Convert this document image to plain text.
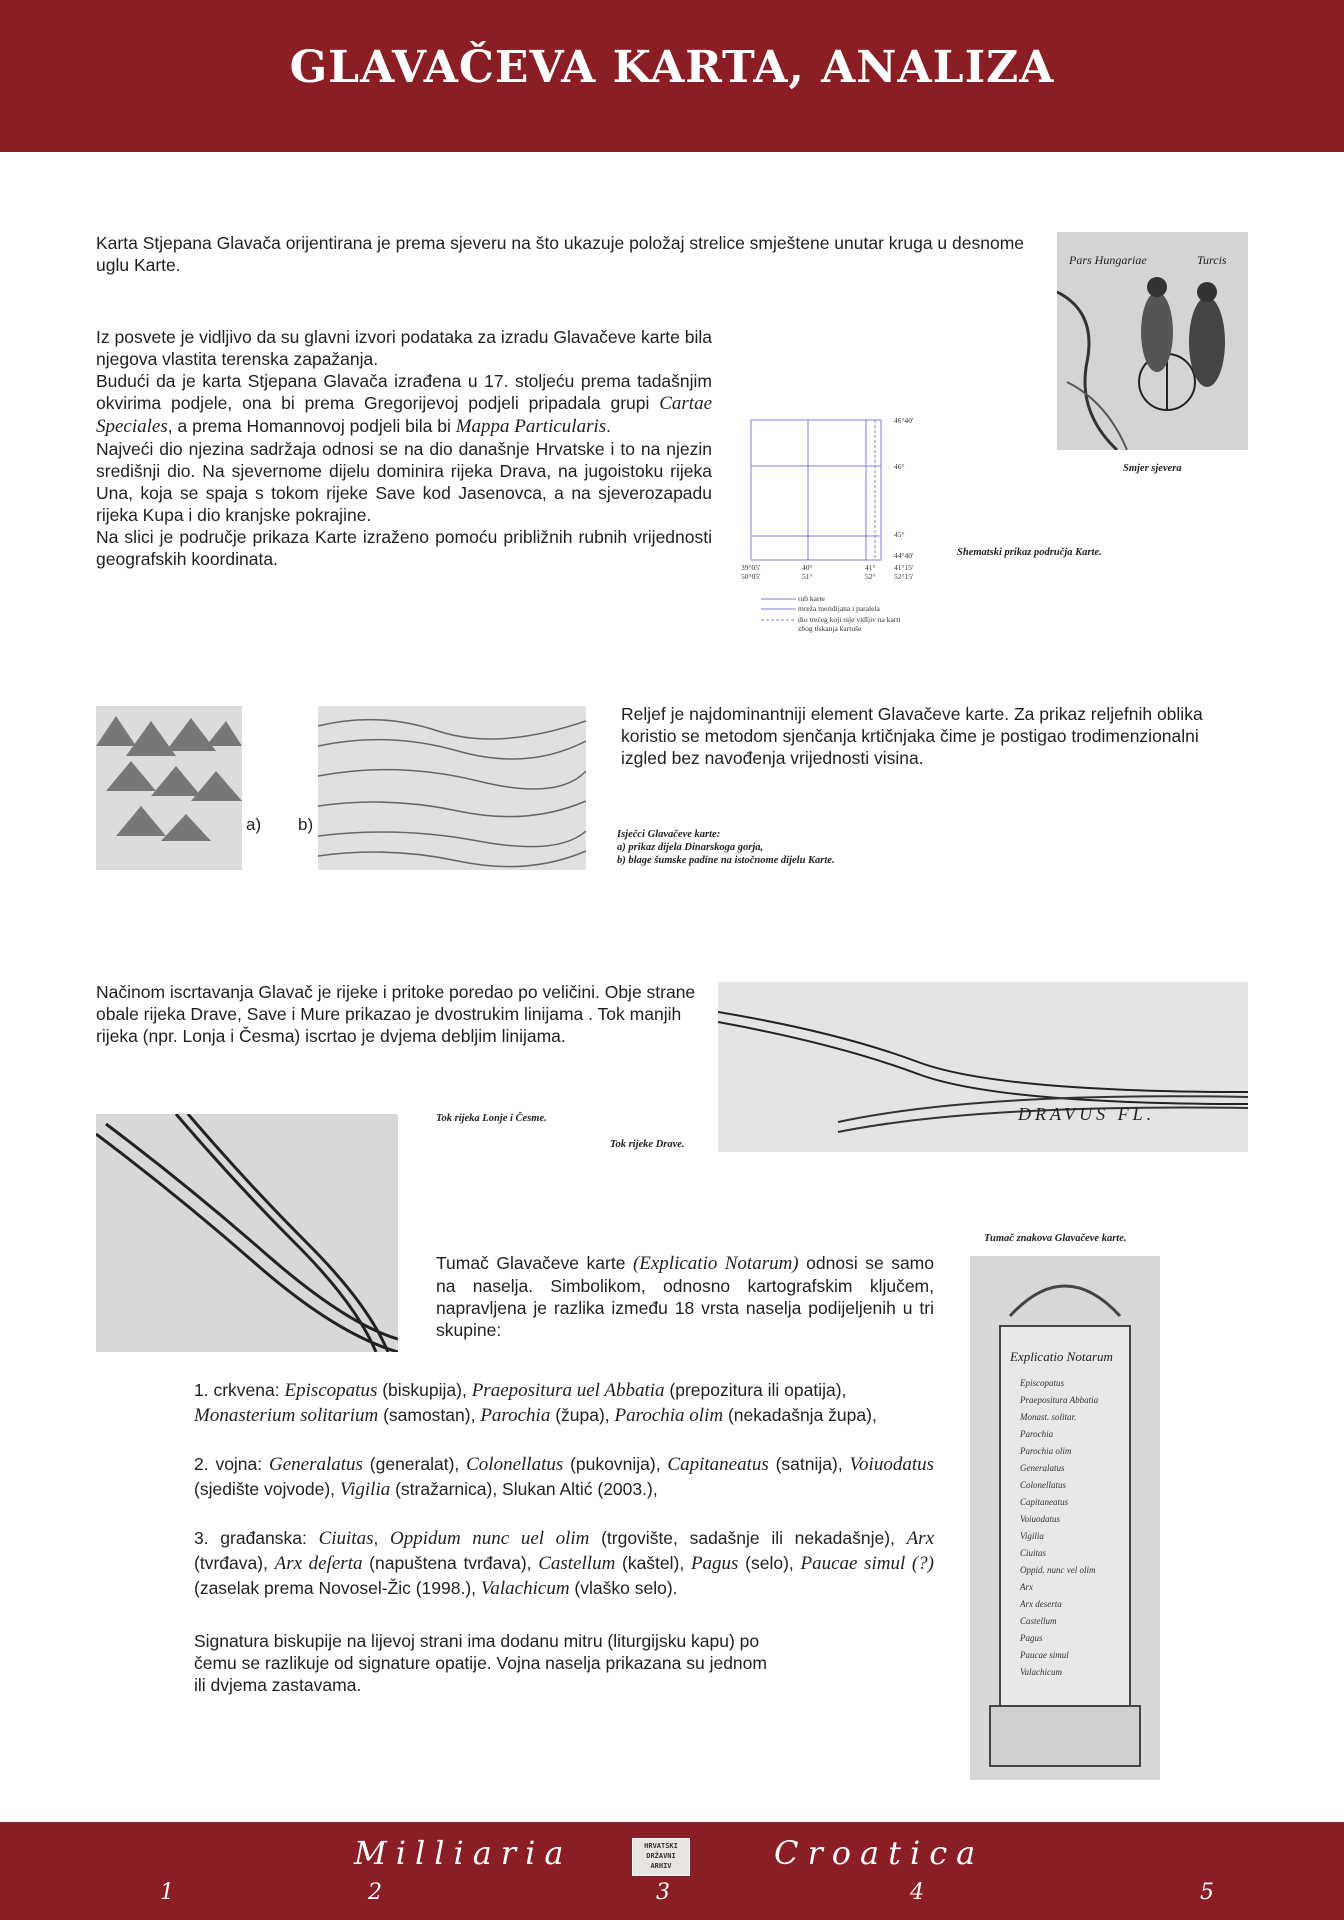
GLAVAČEVA KARTA, ANALIZA
Karta Stjepana Glavača orijentirana je prema sjeveru na što ukazuje položaj strelice smještene unutar kruga u desnome uglu Karte.	Pars Hungariae	Turcis
Smjer sjevera
Iz posvete je vidljivo da su glavni izvori podataka za izradu Glavačeve karte bila njegova vlastita terenska zapažanja.
Budući da je karta Stjepana Glavača izrađena u 17. stoljeću prema tadašnjim okvirima podjele, ona bi prema Gregorijevoj podjeli pripadala grupi Cartae Speciales, a prema Homannovoj podjeli bila bi Mappa Particularis.
Najveći dio njezina sadržaja odnosi se na dio današnje Hrvatske i to na njezin središnji dio. Na sjevernome dijelu dominira rijeka Drava, na jugoistoku rijeka Una, koja se spaja s tokom rijeke Save kod Jasenovca, a na sjeverozapadu rijeka Kupa i dio kranjske pokrajine.
Na slici je područje prikaza Karte izraženo pomoću približnih rubnih vrijednosti geografskih koordinata.
46°40'
46°
45°
44°40'
39°05'	40°	41° 41°15'
50°05'	51°	52° 52°15'
rub karte
mreža meridijana i paralela
dio trećeg koji nije vidljiv na karti
zbog tiskanja kartuše
Shematski prikaz područja Karte.
a) b)
Reljef je najdominantniji element Glavačeve karte. Za prikaz reljefnih oblika koristio se metodom sjenčanja krtičnjaka čime je postigao trodimenzionalni izgled bez navođenja vrijednosti visina.
Isječci Glavačeve karte:
a) prikaz dijela Dinarskoga gorja,
b) blage šumske padine na istočnome dijelu Karte.
Načinom iscrtavanja Glavač je rijeke i pritoke poredao po veličini. Obje strane obale rijeka Drave, Save i Mure prikazao je dvostrukim linijama . Tok manjih rijeka (npr. Lonja i Česma) iscrtao je dvjema debljim linijama.
DRAVUS FL.
Tok rijeka Lonje i Česme.
Tok rijeke Drave.
Tumač Glavačeve karte (Explicatio Notarum) odnosi se samo na naselja. Simbolikom, odnosno kartografskim ključem, napravljena je razlika između 18 vrsta naselja podijeljenih u tri skupine:
Tumač znakova Glavačeve karte.
Explicatio Notarum
Episcopatus
Praepositura Abbatia
Monast. solitar.
Parochia
Parochia olim
Generalatus
Colonellatus
Capitaneatus
Voiuodatus
Vigilia
Ciuitas
Oppid. nunc vel olim
Arx
Arx deserta
Castellum
Pagus
Paucae simul
Valachicum
1. crkvena: Episcopatus (biskupija), Praepositura uel Abbatia (prepozitura ili opatija), Monasterium solitarium (samostan), Parochia (župa), Parochia olim (nekadašnja župa),
2. vojna: Generalatus (generalat), Colonellatus (pukovnija), Capitaneatus (satnija), Voiuodatus (sjedište vojvode), Vigilia (stražarnica), Slukan Altić (2003.),
3. građanska: Ciuitas, Oppidum nunc uel olim (trgovište, sadašnje ili nekadašnje), Arx (tvrđava), Arx deſerta (napuštena tvrđava), Castellum (kaštel), Pagus (selo), Paucae simul (?) (zaselak prema Novosel-Žic (1998.), Valachicum (vlaško selo).
Signatura biskupije na lijevoj strani ima dodanu mitru (liturgijsku kapu) po čemu se razlikuje od signature opatije. Vojna naselja prikazana su jednom ili dvjema zastavama.
Milliaria	Croatica
1	2	3	4	5
HRVATSKI
DRŽAVNI
ARHIV
